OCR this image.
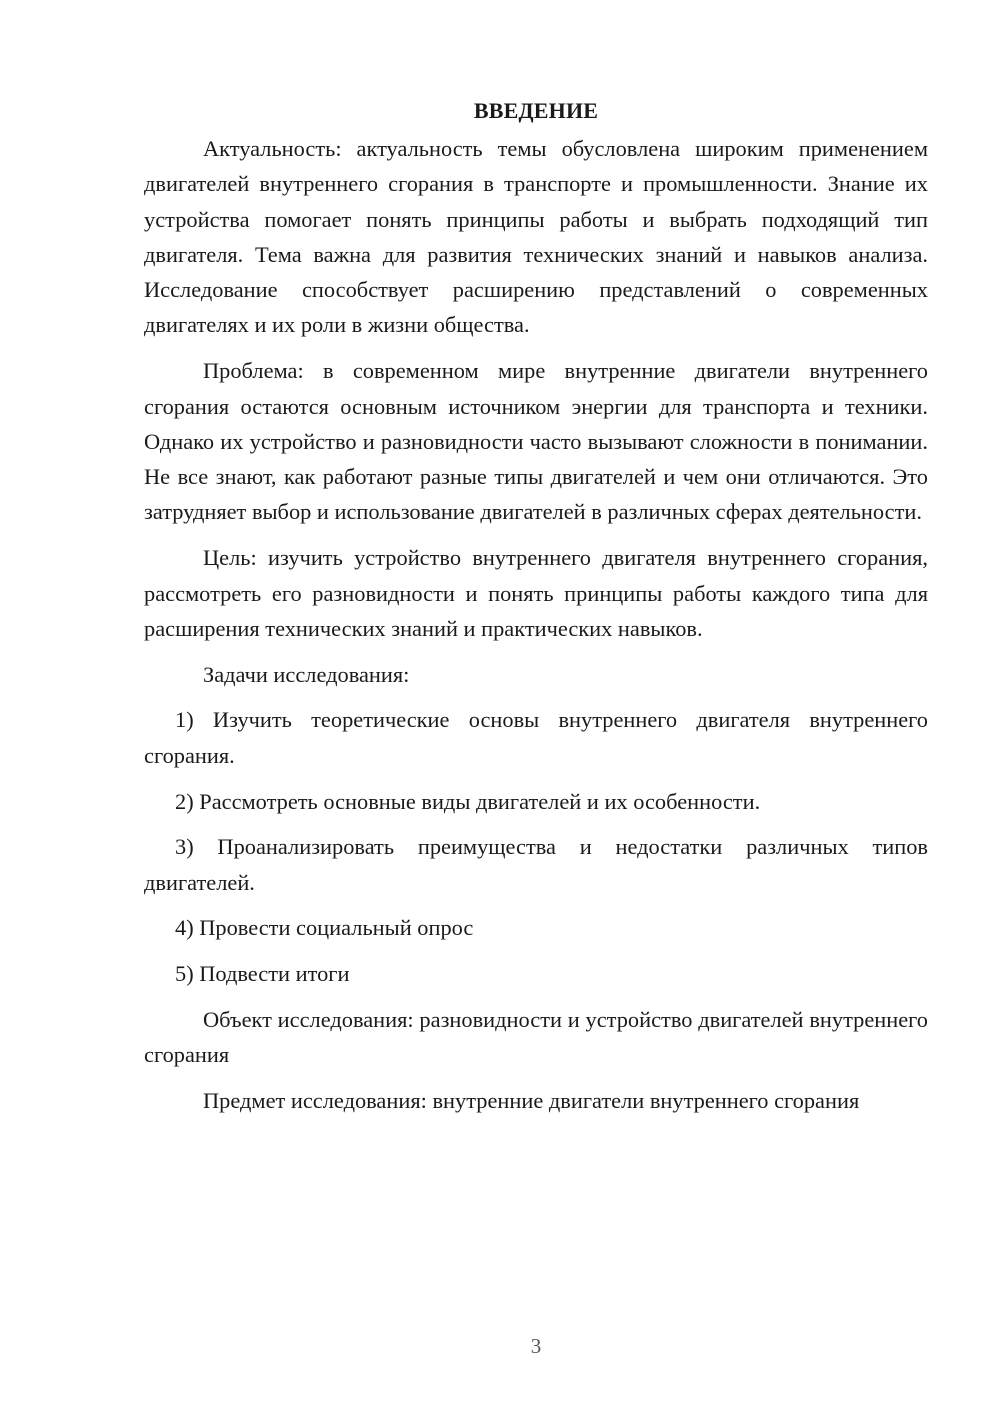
ВВЕДЕНИЕ

Актуальность: актуальность темы обусловлена широким применением двигателей внутреннего сгорания в транспорте и промышленности. Знание их устройства помогает понять принципы работы и выбрать подходящий тип двигателя. Тема важна для развития технических знаний и навыков анализа. Исследование способствует расширению представлений о современных двигателях и их роли в жизни общества.

Проблема: в современном мире внутренние двигатели внутреннего сгорания остаются основным источником энергии для транспорта и техники. Однако их устройство и разновидности часто вызывают сложности в понимании. Не все знают, как работают разные типы двигателей и чем они отличаются. Это затрудняет выбор и использование двигателей в различных сферах деятельности.

Цель: изучить устройство внутреннего двигателя внутреннего сгорания, рассмотреть его разновидности и понять принципы работы каждого типа для расширения технических знаний и практических навыков.

Задачи исследования:

1) Изучить теоретические основы внутреннего двигателя внутреннего сгорания.

2) Рассмотреть основные виды двигателей и их особенности.

3) Проанализировать преимущества и недостатки различных типов двигателей.

4) Провести социальный опрос

5) Подвести итоги

Объект исследования: разновидности и устройство двигателей внутреннего сгорания

Предмет исследования: внутренние двигатели внутреннего сгорания

3
